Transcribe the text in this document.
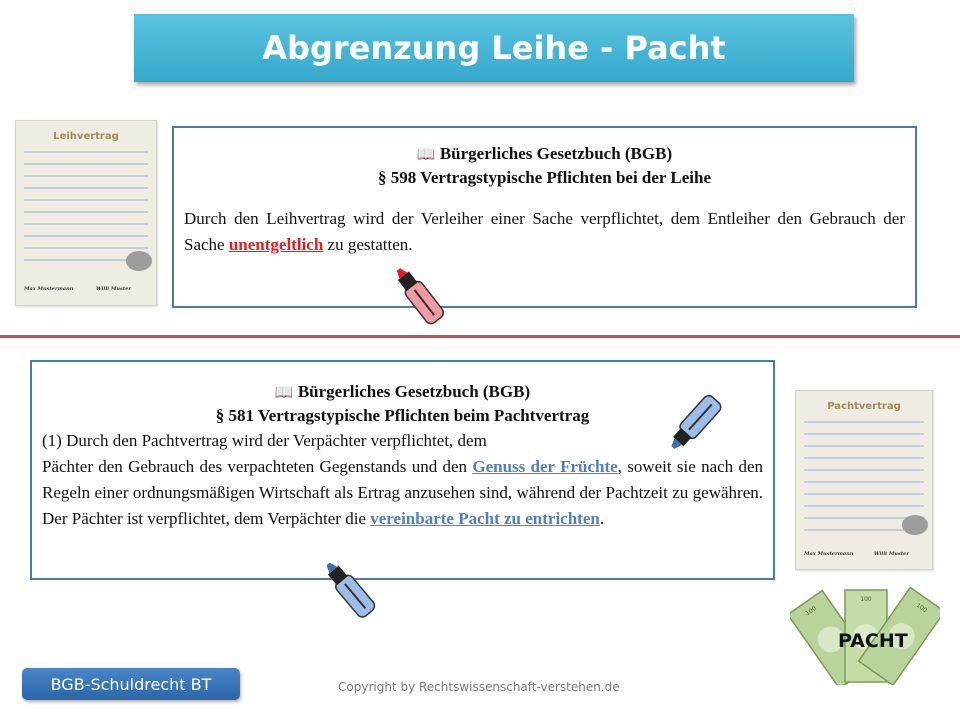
Abgrenzung Leihe - Pacht
Leihvertrag
Max Mustermann	Willi Muster
📖 Bürgerliches Gesetzbuch (BGB)
§ 598 Vertragstypische Pflichten bei der Leihe
Durch den Leihvertrag wird der Verleiher einer Sache verpflichtet, dem Entleiher den Gebrauch der Sache unentgeltlich zu gestatten.
📖 Bürgerliches Gesetzbuch (BGB)
§ 581 Vertragstypische Pflichten beim Pachtvertrag
(1) Durch den Pachtvertrag wird der Verpächter verpflichtet, dem
Pächter den Gebrauch des verpachteten Gegenstands und den Genuss der Früchte, soweit sie nach den Regeln einer ordnungsmäßigen Wirtschaft als Ertrag anzusehen sind, während der Pachtzeit zu gewähren. Der Pächter ist verpflichtet, dem Verpächter die vereinbarte Pacht zu entrichten.
Pachtvertrag
Max Mustermann	Willi Muster
100
100
100
PACHT
BGB-Schuldrecht BT	Copyright by Rechtswissenschaft-verstehen.de
